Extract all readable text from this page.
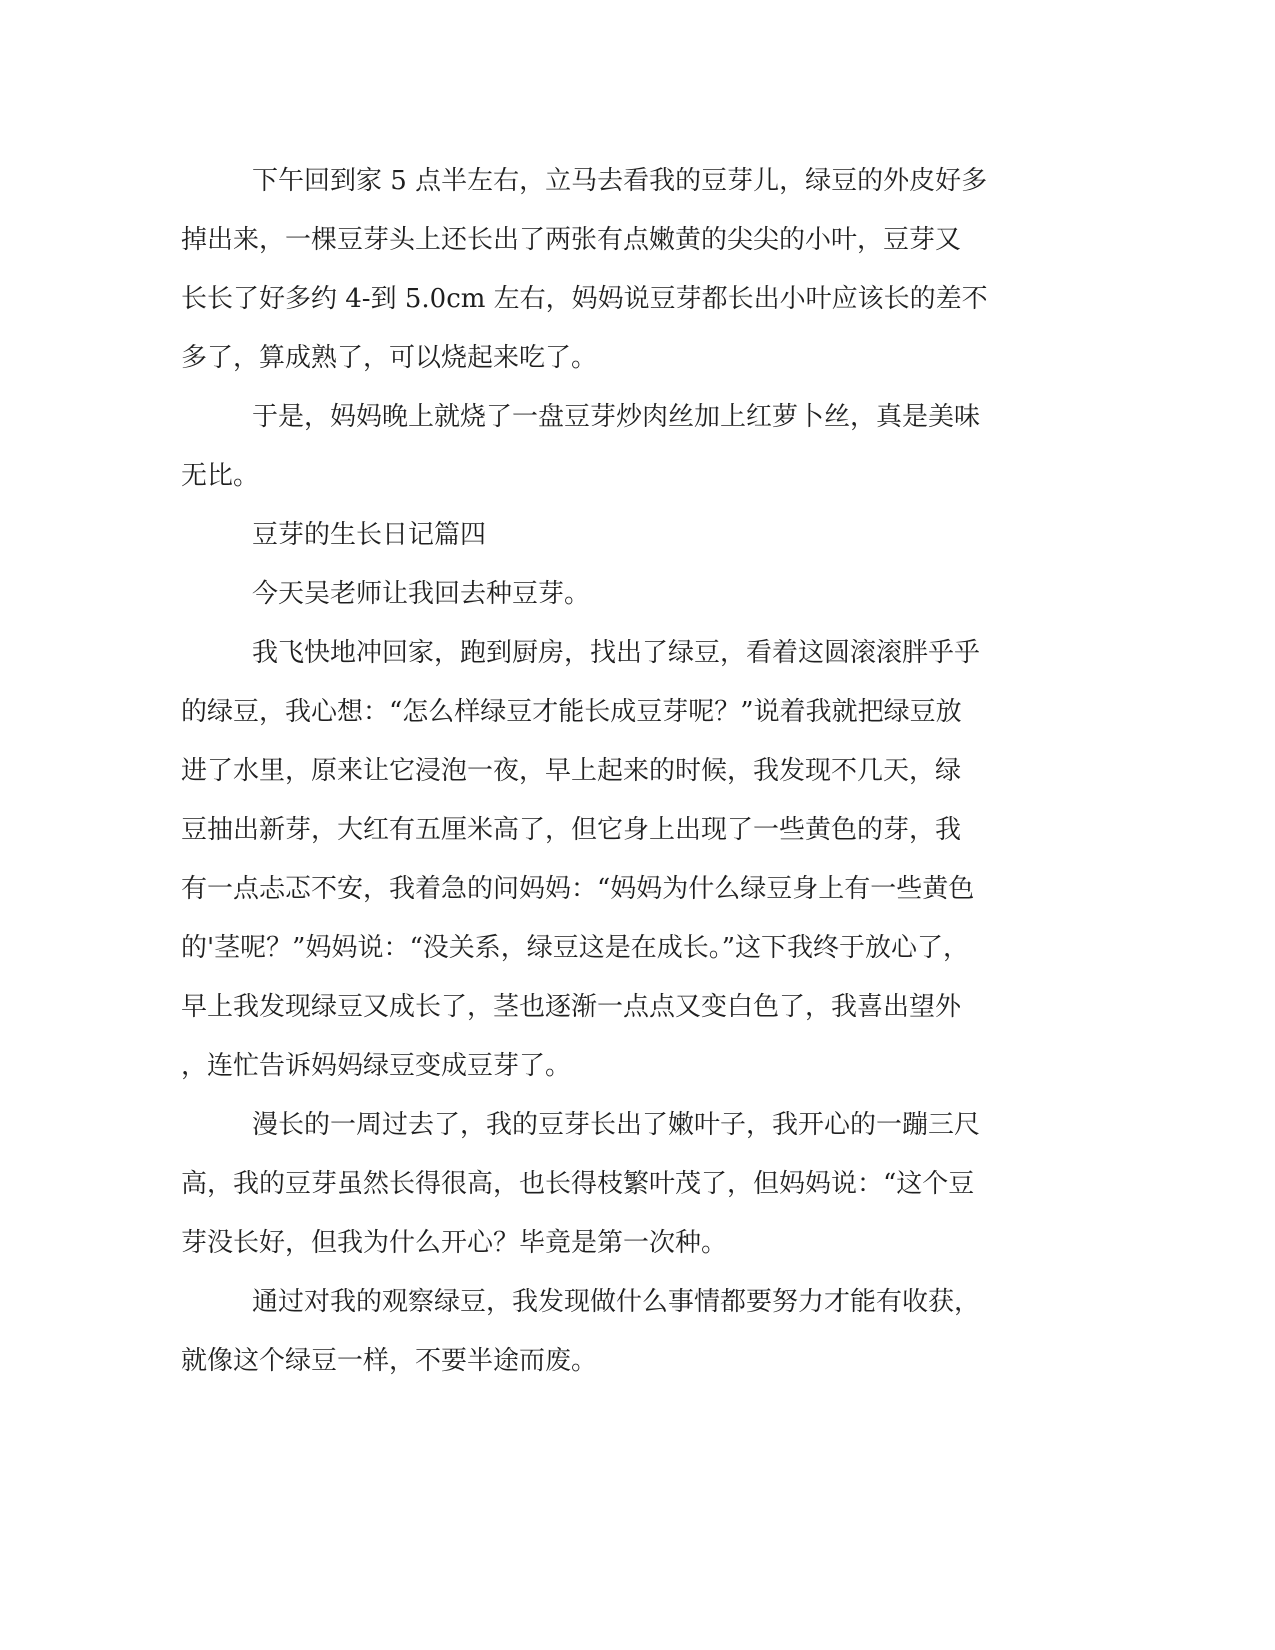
下午回到家 5 点半左右，立马去看我的豆芽儿，绿豆的外皮好多
掉出来，一棵豆芽头上还长出了两张有点嫩黄的尖尖的小叶，豆芽又
长长了好多约 4-到 5.0cm 左右，妈妈说豆芽都长出小叶应该长的差不
多了，算成熟了，可以烧起来吃了。
于是，妈妈晚上就烧了一盘豆芽炒肉丝加上红萝卜丝，真是美味
无比。
豆芽的生长日记篇四
今天吴老师让我回去种豆芽。
我飞快地冲回家，跑到厨房，找出了绿豆，看着这圆滚滚胖乎乎
的绿豆，我心想：“怎么样绿豆才能长成豆芽呢？”说着我就把绿豆放
进了水里，原来让它浸泡一夜，早上起来的时候，我发现不几天，绿
豆抽出新芽，大红有五厘米高了，但它身上出现了一些黄色的芽，我
有一点忐忑不安，我着急的问妈妈：“妈妈为什么绿豆身上有一些黄色
的'茎呢？”妈妈说：“没关系，绿豆这是在成长。”这下我终于放心了，
早上我发现绿豆又成长了，茎也逐渐一点点又变白色了，我喜出望外
，连忙告诉妈妈绿豆变成豆芽了。
漫长的一周过去了，我的豆芽长出了嫩叶子，我开心的一蹦三尺
高，我的豆芽虽然长得很高，也长得枝繁叶茂了，但妈妈说：“这个豆
芽没长好，但我为什么开心？毕竟是第一次种。
通过对我的观察绿豆，我发现做什么事情都要努力才能有收获，
就像这个绿豆一样，不要半途而废。
